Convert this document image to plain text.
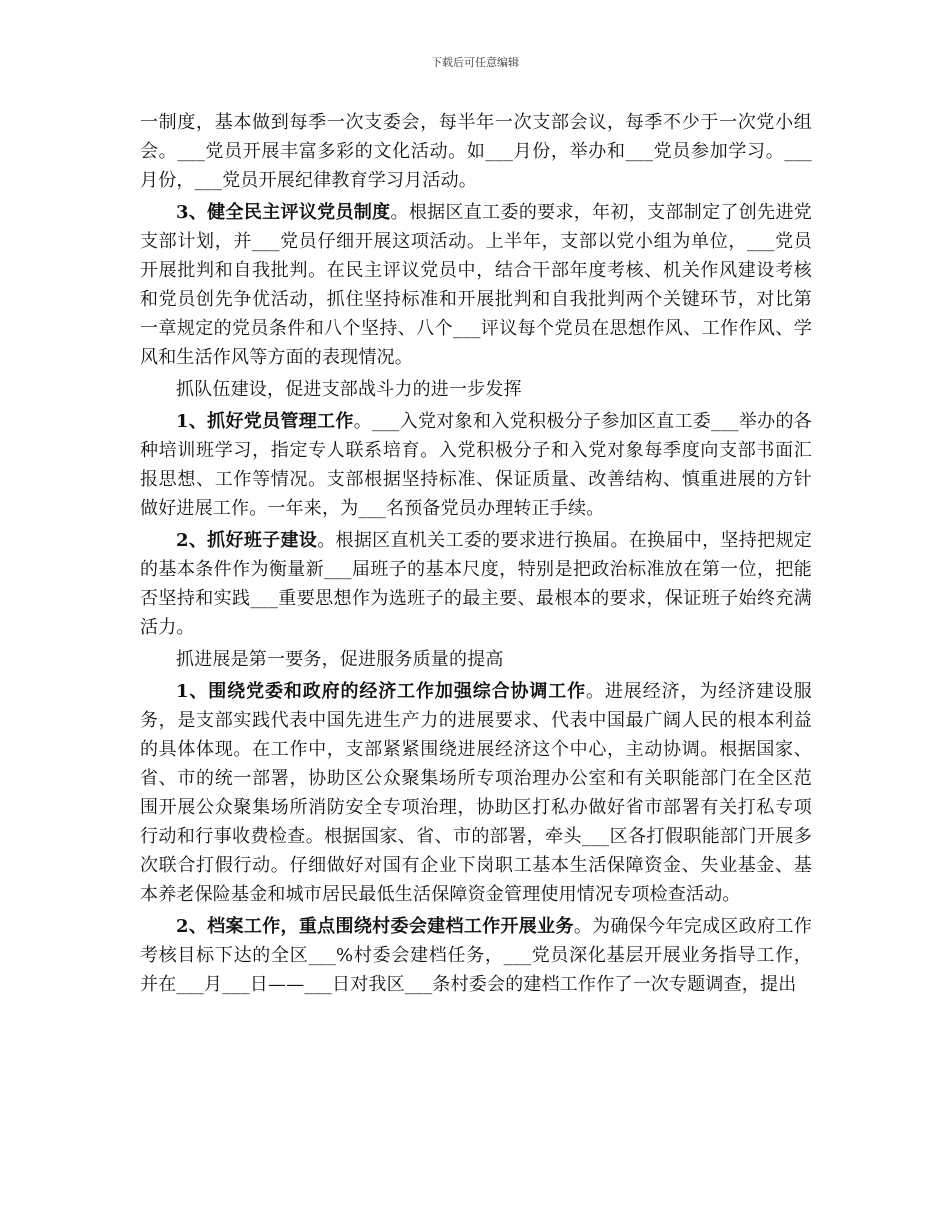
下载后可任意编辑

一制度，基本做到每季一次支委会，每半年一次支部会议，每季不少于一次党小组会。___党员开展丰富多彩的文化活动。如___月份，举办和___党员参加学习。___月份，___党员开展纪律教育学习月活动。

3、健全民主评议党员制度。根据区直工委的要求，年初，支部制定了创先进党支部计划，并___党员仔细开展这项活动。上半年，支部以党小组为单位，___党员开展批判和自我批判。在民主评议党员中，结合干部年度考核、机关作风建设考核和党员创先争优活动，抓住坚持标准和开展批判和自我批判两个关键环节，对比第一章规定的党员条件和八个坚持、八个___评议每个党员在思想作风、工作作风、学风和生活作风等方面的表现情况。

抓队伍建设，促进支部战斗力的进一步发挥

1、抓好党员管理工作。___入党对象和入党积极分子参加区直工委___举办的各种培训班学习，指定专人联系培育。入党积极分子和入党对象每季度向支部书面汇报思想、工作等情况。支部根据坚持标准、保证质量、改善结构、慎重进展的方针做好进展工作。一年来，为___名预备党员办理转正手续。

2、抓好班子建设。根据区直机关工委的要求进行换届。在换届中，坚持把规定的基本条件作为衡量新___届班子的基本尺度，特别是把政治标准放在第一位，把能否坚持和实践___重要思想作为选班子的最主要、最根本的要求，保证班子始终充满活力。

抓进展是第一要务，促进服务质量的提高

1、围绕党委和政府的经济工作加强综合协调工作。进展经济，为经济建设服务，是支部实践代表中国先进生产力的进展要求、代表中国最广阔人民的根本利益的具体体现。在工作中，支部紧紧围绕进展经济这个中心，主动协调。根据国家、省、市的统一部署，协助区公众聚集场所专项治理办公室和有关职能部门在全区范围开展公众聚集场所消防安全专项治理，协助区打私办做好省市部署有关打私专项行动和行事收费检查。根据国家、省、市的部署，牵头___区各打假职能部门开展多次联合打假行动。仔细做好对国有企业下岗职工基本生活保障资金、失业基金、基本养老保险基金和城市居民最低生活保障资金管理使用情况专项检查活动。

2、档案工作，重点围绕村委会建档工作开展业务。为确保今年完成区政府工作考核目标下达的全区___%村委会建档任务，___党员深化基层开展业务指导工作，并在___月___日——___日对我区___条村委会的建档工作作了一次专题调查，提出
